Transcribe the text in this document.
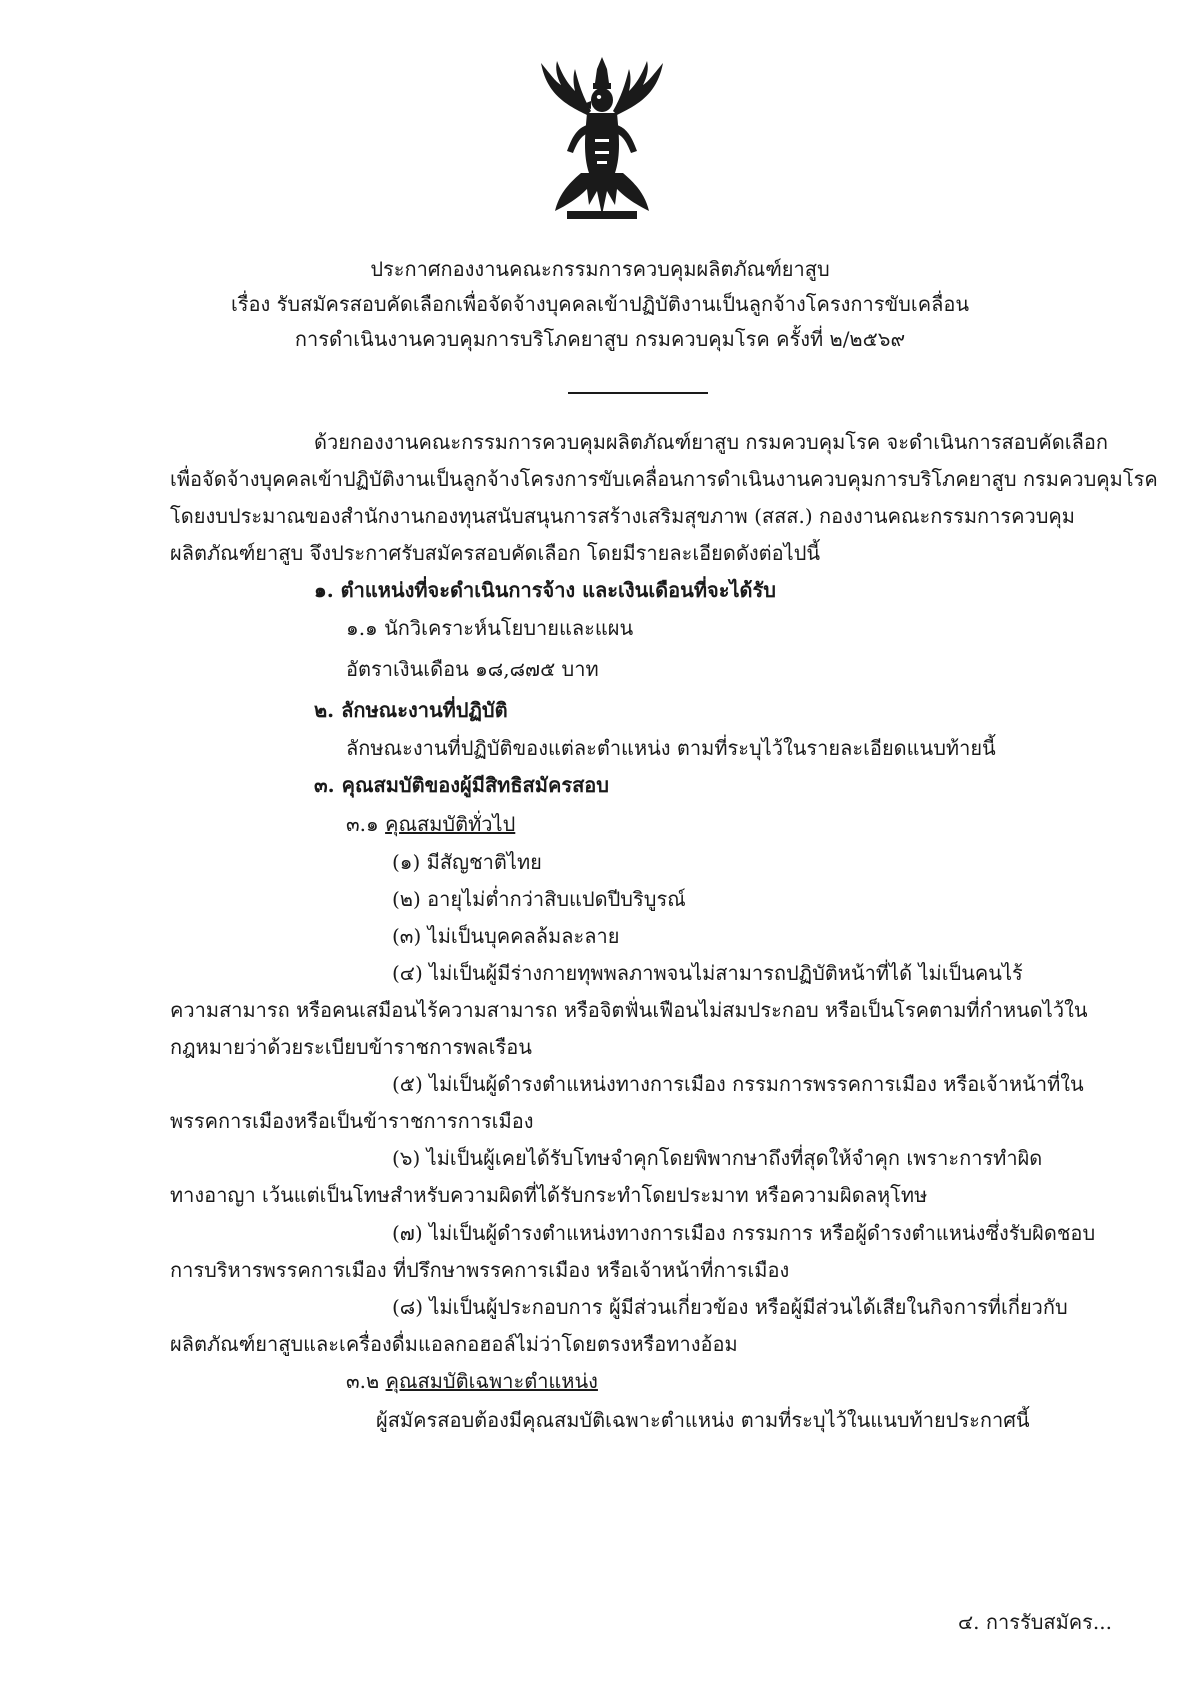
ประกาศกองงานคณะกรรมการควบคุมผลิตภัณฑ์ยาสูบ
เรื่อง รับสมัครสอบคัดเลือกเพื่อจัดจ้างบุคคลเข้าปฏิบัติงานเป็นลูกจ้างโครงการขับเคลื่อน
การดำเนินงานควบคุมการบริโภคยาสูบ กรมควบคุมโรค ครั้งที่ ๒/๒๕๖๙
ด้วยกองงานคณะกรรมการควบคุมผลิตภัณฑ์ยาสูบ กรมควบคุมโรค จะดำเนินการสอบคัดเลือก
เพื่อจัดจ้างบุคคลเข้าปฏิบัติงานเป็นลูกจ้างโครงการขับเคลื่อนการดำเนินงานควบคุมการบริโภคยาสูบ กรมควบคุมโรค
โดยงบประมาณของสำนักงานกองทุนสนับสนุนการสร้างเสริมสุขภาพ (สสส.) กองงานคณะกรรมการควบคุม
ผลิตภัณฑ์ยาสูบ จึงประกาศรับสมัครสอบคัดเลือก โดยมีรายละเอียดดังต่อไปนี้
๑. ตำแหน่งที่จะดำเนินการจ้าง และเงินเดือนที่จะได้รับ
๑.๑ นักวิเคราะห์นโยบายและแผน
อัตราเงินเดือน ๑๘,๘๗๕ บาท
๒. ลักษณะงานที่ปฏิบัติ
ลักษณะงานที่ปฏิบัติของแต่ละตำแหน่ง ตามที่ระบุไว้ในรายละเอียดแนบท้ายนี้
๓. คุณสมบัติของผู้มีสิทธิสมัครสอบ
๓.๑ คุณสมบัติทั่วไป
(๑) มีสัญชาติไทย
(๒) อายุไม่ต่ำกว่าสิบแปดปีบริบูรณ์
(๓) ไม่เป็นบุคคลล้มละลาย
(๔) ไม่เป็นผู้มีร่างกายทุพพลภาพจนไม่สามารถปฏิบัติหน้าที่ได้ ไม่เป็นคนไร้
ความสามารถ หรือคนเสมือนไร้ความสามารถ หรือจิตฟั่นเฟือนไม่สมประกอบ หรือเป็นโรคตามที่กำหนดไว้ใน
กฎหมายว่าด้วยระเบียบข้าราชการพลเรือน
(๕) ไม่เป็นผู้ดำรงตำแหน่งทางการเมือง กรรมการพรรคการเมือง หรือเจ้าหน้าที่ใน
พรรคการเมืองหรือเป็นข้าราชการการเมือง
(๖) ไม่เป็นผู้เคยได้รับโทษจำคุกโดยพิพากษาถึงที่สุดให้จำคุก เพราะการทำผิด
ทางอาญา เว้นแต่เป็นโทษสำหรับความผิดที่ได้รับกระทำโดยประมาท หรือความผิดลหุโทษ
(๗) ไม่เป็นผู้ดำรงตำแหน่งทางการเมือง กรรมการ หรือผู้ดำรงตำแหน่งซึ่งรับผิดชอบ
การบริหารพรรคการเมือง ที่ปรึกษาพรรคการเมือง หรือเจ้าหน้าที่การเมือง
(๘) ไม่เป็นผู้ประกอบการ ผู้มีส่วนเกี่ยวข้อง หรือผู้มีส่วนได้เสียในกิจการที่เกี่ยวกับ
ผลิตภัณฑ์ยาสูบและเครื่องดื่มแอลกอฮอล์ไม่ว่าโดยตรงหรือทางอ้อม
๓.๒ คุณสมบัติเฉพาะตำแหน่ง
ผู้สมัครสอบต้องมีคุณสมบัติเฉพาะตำแหน่ง ตามที่ระบุไว้ในแนบท้ายประกาศนี้
๔. การรับสมัคร...
